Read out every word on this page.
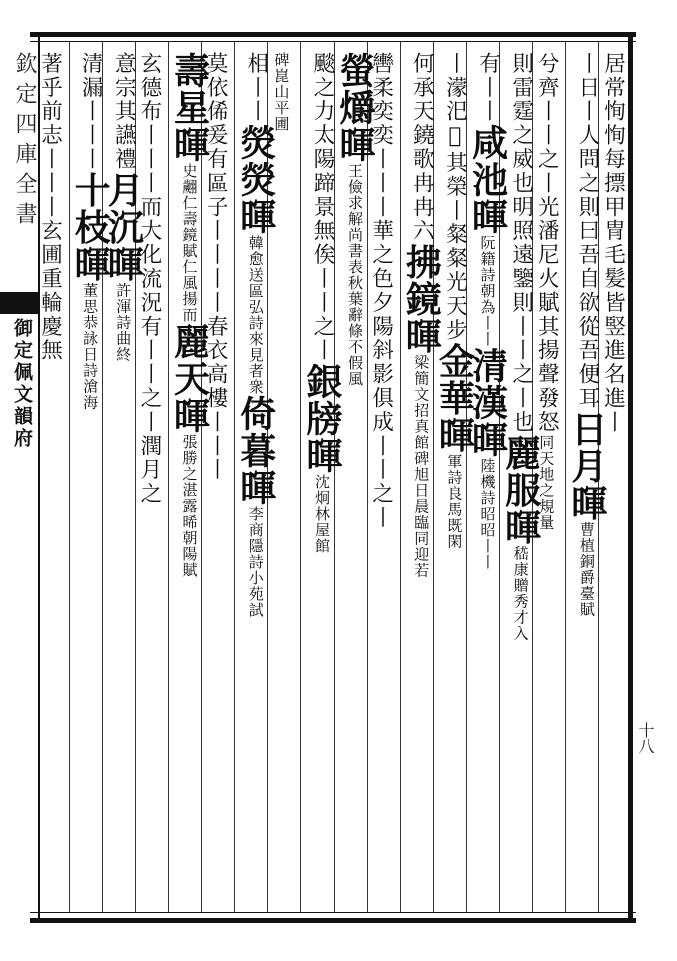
欽定四庫全書
御定佩文韻府	居常恂恂每摽甲冑毛髪皆竪進名進丨
丨日丨人問之則曰吾自欲從吾便耳日月暉曹植銅爵臺賦
兮齊丨丨之丨光潘尼火賦其揚聲發怒同天地之規量
則雷霆之威也明照遠鑒則丨丨之丨也麗服暉嵇康贈秀才入
有丨丨咸池暉阮籍詩朝為丨丨清漢暉陸機詩昭昭丨丨
丨濛汜𥪡其榮丨粲粲光天步金華暉軍詩良馬既閑
何承天鐃歌冉冉六拂鏡暉梁簡文招真館碑旭日晨臨同迎若
轡柔奕奕丨丨丨華之色夕陽斜影俱成丨丨之丨
螢爝暉王儉求解尚書表秋葉辭條不假風
颷之力太陽蹄景無俟丨丨之丨銀牓暉沈炯林屋館
碑崑山平圃
相丨丨熒熒暉韓愈送區弘詩來見者衆倚暮暉李商隱詩小苑試
莫依俙爰有區子丨丨丨丨春衣高樓丨丨丨
壽星暉史翽仁壽鏡賦仁風揚而麗天暉張勝之湛露晞朝陽賦
玄德布丨丨丨而大化流況有丨丨之丨潤月之
意宗其讌禮月沉暉許渾詩曲終
清漏丨丨丨十枝暉董思恭詠日詩滄海
著乎前志丨丨丨玄圃重輪慶無
十八
